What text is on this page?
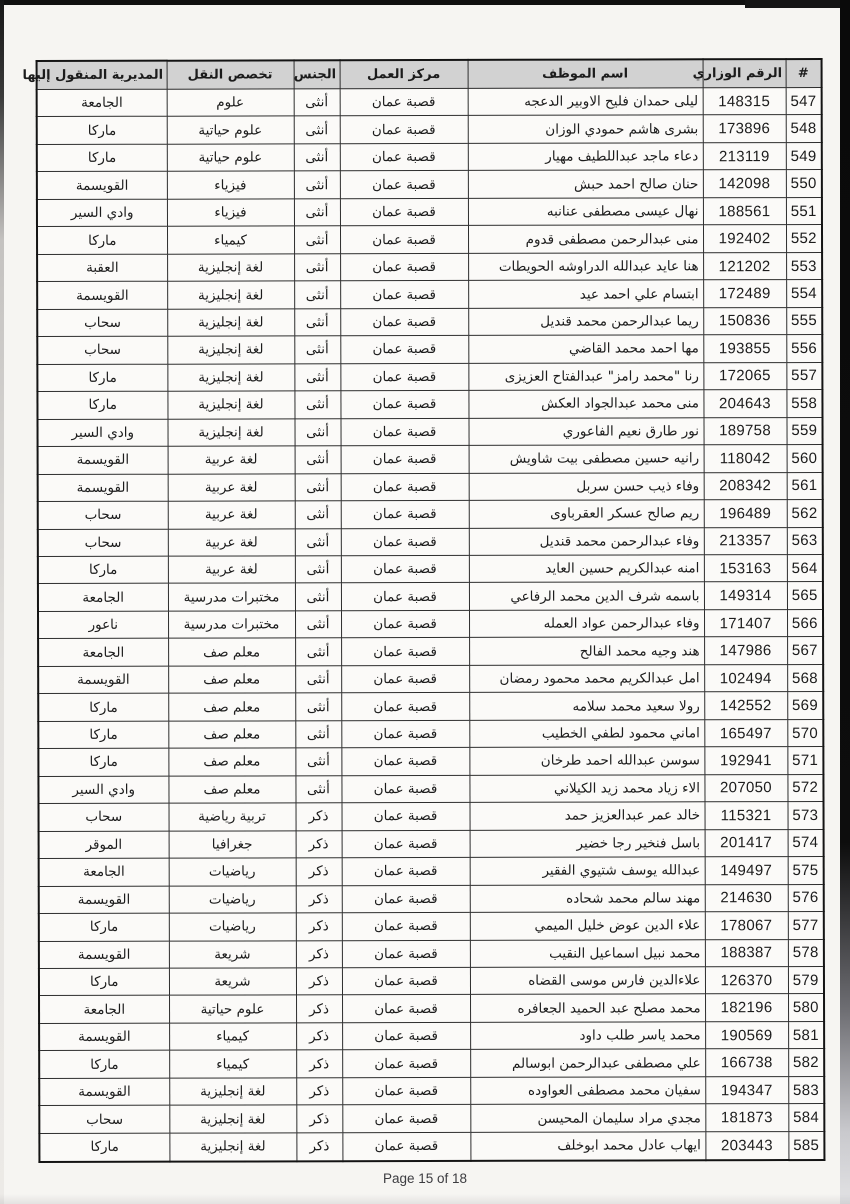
#	الرقم الوزاري	اسم الموظف	مركز العمل	الجنس	تخصص النقل	المديرية المنقول إليها
547	148315	ليلى حمدان فليح الاوبير الدعجه	قصبة عمان	أنثى	علوم	الجامعة
548	173896	بشرى هاشم حمودي الوزان	قصبة عمان	أنثى	علوم حياتية	ماركا
549	213119	دعاء ماجد عبداللطيف مهيار	قصبة عمان	أنثى	علوم حياتية	ماركا
550	142098	حنان صالح احمد حبش	قصبة عمان	أنثى	فيزياء	القويسمة
551	188561	نهال عيسى مصطفى عنانبه	قصبة عمان	أنثى	فيزياء	وادي السير
552	192402	منى عبدالرحمن مصطفى قدوم	قصبة عمان	أنثى	كيمياء	ماركا
553	121202	هنا عايد عبدالله الدراوشه الحويطات	قصبة عمان	أنثى	لغة إنجليزية	العقبة
554	172489	ابتسام علي احمد عيد	قصبة عمان	أنثى	لغة إنجليزية	القويسمة
555	150836	ريما عبدالرحمن محمد قنديل	قصبة عمان	أنثى	لغة إنجليزية	سحاب
556	193855	مها احمد محمد القاضي	قصبة عمان	أنثى	لغة إنجليزية	سحاب
557	172065	رنا "محمد رامز" عبدالفتاح العزيزى	قصبة عمان	أنثى	لغة إنجليزية	ماركا
558	204643	منى محمد عبدالجواد العكش	قصبة عمان	أنثى	لغة إنجليزية	ماركا
559	189758	نور طارق نعيم الفاعوري	قصبة عمان	أنثى	لغة إنجليزية	وادي السير
560	118042	رانيه حسين مصطفى بيت شاويش	قصبة عمان	أنثى	لغة عربية	القويسمة
561	208342	وفاء ذيب حسن سربل	قصبة عمان	أنثى	لغة عربية	القويسمة
562	196489	ريم صالح عسكر العقرباوى	قصبة عمان	أنثى	لغة عربية	سحاب
563	213357	وفاء عبدالرحمن محمد قنديل	قصبة عمان	أنثى	لغة عربية	سحاب
564	153163	امنه عبدالكريم حسين العايد	قصبة عمان	أنثى	لغة عربية	ماركا
565	149314	باسمه شرف الدين محمد الرفاعي	قصبة عمان	أنثى	مختبرات مدرسية	الجامعة
566	171407	وفاء عبدالرحمن عواد العمله	قصبة عمان	أنثى	مختبرات مدرسية	ناعور
567	147986	هند وجيه محمد الفالح	قصبة عمان	أنثى	معلم صف	الجامعة
568	102494	امل عبدالكريم محمد محمود رمضان	قصبة عمان	أنثى	معلم صف	القويسمة
569	142552	رولا سعيد محمد سلامه	قصبة عمان	أنثى	معلم صف	ماركا
570	165497	اماني محمود لطفي الخطيب	قصبة عمان	أنثى	معلم صف	ماركا
571	192941	سوسن عبدالله احمد طرخان	قصبة عمان	أنثى	معلم صف	ماركا
572	207050	الاء زياد محمد زيد الكيلاني	قصبة عمان	أنثى	معلم صف	وادي السير
573	115321	خالد عمر عبدالعزيز حمد	قصبة عمان	ذكر	تربية رياضية	سحاب
574	201417	باسل فنخير رجا خضير	قصبة عمان	ذكر	جغرافيا	الموقر
575	149497	عبدالله يوسف شتيوي الفقير	قصبة عمان	ذكر	رياضيات	الجامعة
576	214630	مهند سالم محمد شحاده	قصبة عمان	ذكر	رياضيات	القويسمة
577	178067	علاء الدين عوض خليل الميمي	قصبة عمان	ذكر	رياضيات	ماركا
578	188387	محمد نبيل اسماعيل النقيب	قصبة عمان	ذكر	شريعة	القويسمة
579	126370	علاءالدين فارس موسى القضاه	قصبة عمان	ذكر	شريعة	ماركا
580	182196	محمد مصلح عبد الحميد الجعافره	قصبة عمان	ذكر	علوم حياتية	الجامعة
581	190569	محمد ياسر طلب داود	قصبة عمان	ذكر	كيمياء	القويسمة
582	166738	علي مصطفى عبدالرحمن ابوسالم	قصبة عمان	ذكر	كيمياء	ماركا
583	194347	سفيان محمد مصطفى العواوده	قصبة عمان	ذكر	لغة إنجليزية	القويسمة
584	181873	مجدي مراد سليمان المحيسن	قصبة عمان	ذكر	لغة إنجليزية	سحاب
585	203443	ايهاب عادل محمد ابوخلف	قصبة عمان	ذكر	لغة إنجليزية	ماركا
Page 15 of 18
